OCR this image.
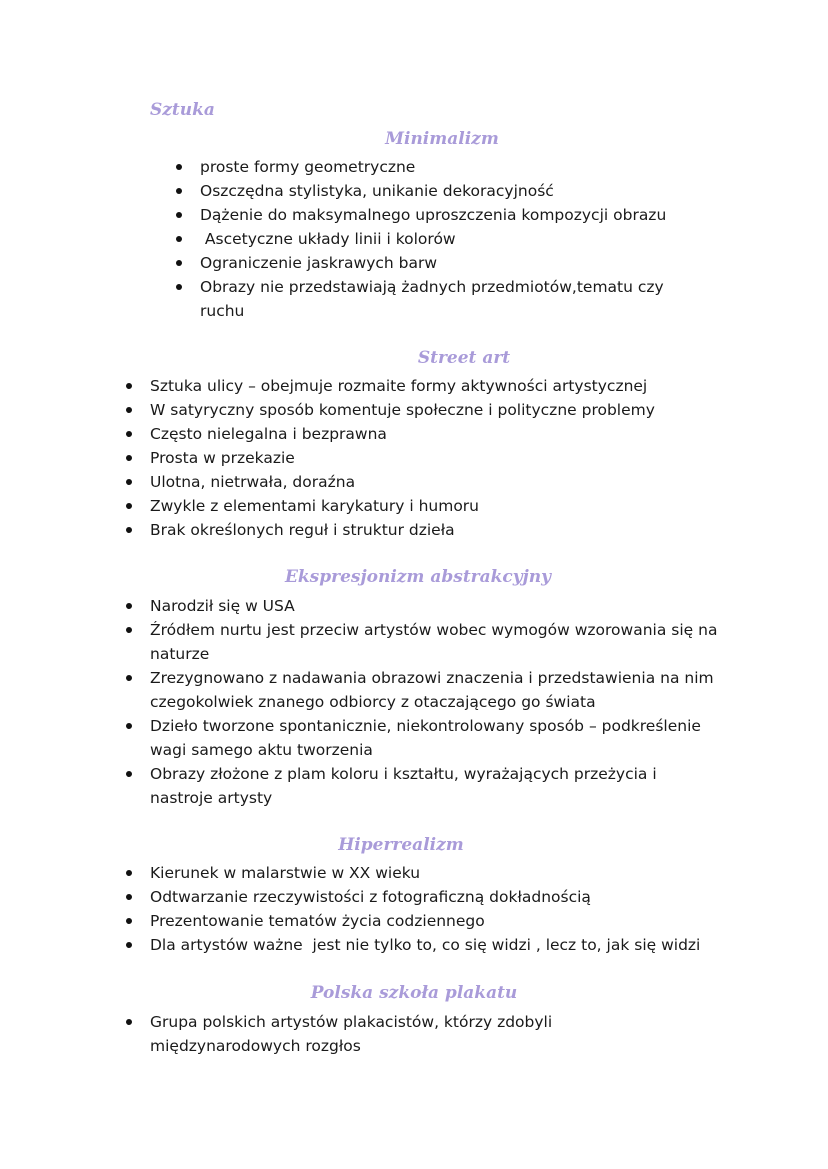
Sztuka
Minimalizm
proste formy geometryczne
Oszczędna stylistyka, unikanie dekoracyjność
Dążenie do maksymalnego uproszczenia kompozycji obrazu
Ascetyczne układy linii i kolorów
Ograniczenie jaskrawych barw
Obrazy nie przedstawiają żadnych przedmiotów,tematu czy ruchu
Street art
Sztuka ulicy – obejmuje rozmaite formy aktywności artystycznej
W satyryczny sposób komentuje społeczne i polityczne problemy
Często nielegalna i bezprawna
Prosta w przekazie
Ulotna, nietrwała, doraźna
Zwykle z elementami karykatury i humoru
Brak określonych reguł i struktur dzieła
Ekspresjonizm abstrakcyjny
Narodził się w USA
Źródłem nurtu jest przeciw artystów wobec wymogów wzorowania się na naturze
Zrezygnowano z nadawania obrazowi znaczenia i przedstawienia na nim czegokolwiek znanego odbiorcy z otaczającego go świata
Dzieło tworzone spontanicznie, niekontrolowany sposób – podkreślenie wagi samego aktu tworzenia
Obrazy złożone z plam koloru i kształtu, wyrażających przeżycia i nastroje artysty
Hiperrealizm
Kierunek w malarstwie w XX wieku
Odtwarzanie rzeczywistości z fotograficzną dokładnością
Prezentowanie tematów życia codziennego
Dla artystów ważne  jest nie tylko to, co się widzi , lecz to, jak się widzi
Polska szkoła plakatu
Grupa polskich artystów plakacistów, którzy zdobyli międzynarodowych rozgłos
